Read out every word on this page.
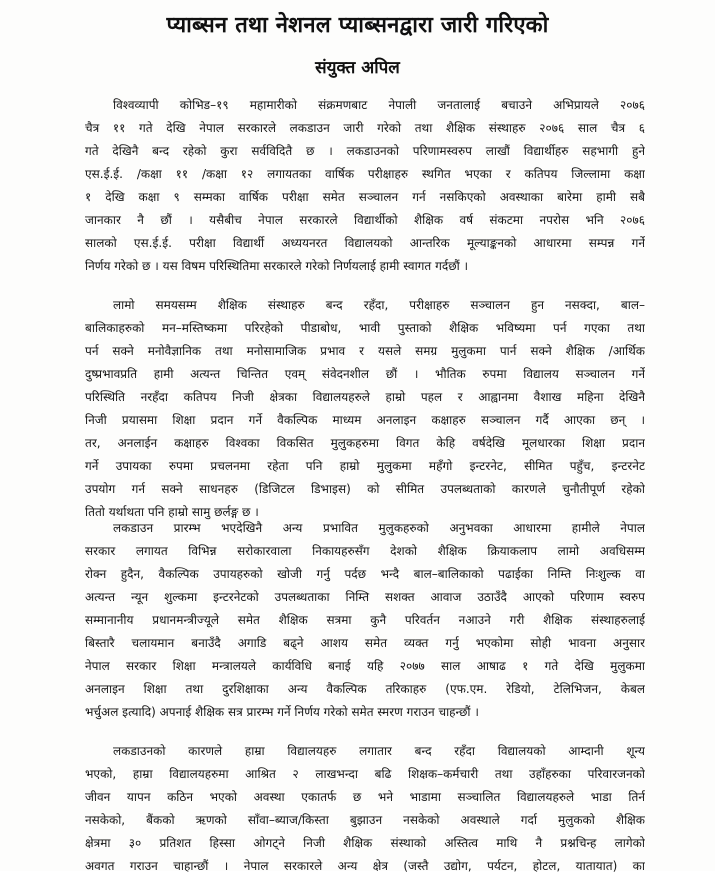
प्याब्सन तथा नेशनल प्याब्सनद्वारा जारी गरिएको
संयुक्त अपिल
विश्वव्यापी कोभिड–१९ महामारीको संक्रमणबाट नेपाली जनतालाई बचाउने अभिप्रायले २०७६
चैत्र ११ गते देखि नेपाल सरकारले लकडाउन जारी गरेको तथा शैक्षिक संस्थाहरु २०७६ साल चैत्र ६
गते देखिनै बन्द रहेको कुरा सर्वविदितै छ । लकडाउनको परिणामस्वरुप लाखौं विद्यार्थीहरु सहभागी हुने
एस.ई.ई. /कक्षा ११ /कक्षा १२ लगायतका वार्षिक परीक्षाहरु स्थगित भएका र कतिपय जिल्लामा कक्षा
१ देखि कक्षा ९ सम्मका वार्षिक परीक्षा समेत सञ्चालन गर्न नसकिएको अवस्थाका बारेमा हामी सबै
जानकार नै छौं । यसैबीच नेपाल सरकारले विद्यार्थीको शैक्षिक वर्ष संकटमा नपरोस भनि २०७६
सालको एस.ई.ई. परीक्षा विद्यार्थी अध्ययनरत विद्यालयको आन्तरिक मूल्याङ्कनको आधारमा सम्पन्न गर्ने
निर्णय गरेको छ । यस विषम परिस्थितिमा सरकारले गरेको निर्णयलाई हामी स्वागत गर्दछौं ।
लामो समयसम्म शैक्षिक संस्थाहरु बन्द रहँदा, परीक्षाहरु सञ्चालन हुन नसक्दा, बाल–
बालिकाहरुको मन–मस्तिष्कमा परिरहेको पीडाबोध, भावी पुस्ताको शैक्षिक भविष्यमा पर्न गएका तथा
पर्न सक्ने मनोवैज्ञानिक तथा मनोसामाजिक प्रभाव र यसले समग्र मुलुकमा पार्न सक्ने शैक्षिक /आर्थिक
दुष्प्रभावप्रति हामी अत्यन्त चिन्तित एवम् संवेदनशील छौं । भौतिक रुपमा विद्यालय सञ्चालन गर्ने
परिस्थिति नरहँदा कतिपय निजी क्षेत्रका विद्यालयहरुले हाम्रो पहल र आह्वानमा वैशाख महिना देखिनै
निजी प्रयासमा शिक्षा प्रदान गर्ने वैकल्पिक माध्यम अनलाइन कक्षाहरु सञ्चालन गर्दै आएका छन् ।
तर, अनलाईन कक्षाहरु विश्वका विकसित मुलुकहरुमा विगत केहि वर्षदेखि मूलधारका शिक्षा प्रदान
गर्ने उपायका रुपमा प्रचलनमा रहेता पनि हाम्रो मुलुकमा महँगो इन्टरनेट, सीमित पहुँच, इन्टरनेट
उपयोग गर्न सक्ने साधनहरु (डिजिटल डिभाइस) को सीमित उपलब्धताको कारणले चुनौतीपूर्ण रहेको
तितो यर्थाथता पनि हाम्रो सामु छर्लङ्ग छ ।
लकडाउन प्रारम्भ भएदेखिनै अन्य प्रभावित मुलुकहरुको अनुभवका आधारमा हामीले नेपाल
सरकार लगायत विभिन्न सरोकारवाला निकायहरुसँग देशको शैक्षिक क्रियाकलाप लामो अवधिसम्म
रोक्न हुदैन, वैकल्पिक उपायहरुको खोजी गर्नु पर्दछ भन्दै बाल–बालिकाको पढाईका निम्ति निःशुल्क वा
अत्यन्त न्यून शुल्कमा इन्टरनेटको उपलब्धताका निम्ति सशक्त आवाज उठाउँदै आएको परिणाम स्वरुप
सम्मानानीय प्रधानमन्त्रीज्यूले समेत शैक्षिक सत्रमा कुनै परिवर्तन नआउने गरी शैक्षिक संस्थाहरुलाई
बिस्तारै चलायमान बनाउँदै अगाडि बढ्ने आशय समेत व्यक्त गर्नु भएकोमा सोही भावना अनुसार
नेपाल सरकार शिक्षा मन्त्रालयले कार्यविधि बनाई यहि २०७७ साल आषाढ १ गते देखि मुलुकमा
अनलाइन शिक्षा तथा दुरशिक्षाका अन्य वैकल्पिक तरिकाहरु (एफ.एम. रेडियो, टेलिभिजन, केबल
भर्चुअल इत्यादि) अपनाई शैक्षिक सत्र प्रारम्भ गर्ने निर्णय गरेको समेत स्मरण गराउन चाहन्छौं ।
लकडाउनको कारणले हाम्रा विद्यालयहरु लगातार बन्द रहँदा विद्यालयको आम्दानी शून्य
भएको, हाम्रा विद्यालयहरुमा आश्रित २ लाखभन्दा बढि शिक्षक–कर्मचारी तथा उहाँहरुका परिवारजनको
जीवन यापन कठिन भएको अवस्था एकातर्फ छ भने भाडामा सञ्चालित विद्यालयहरुले भाडा तिर्न
नसकेको, बैंकको ऋणको साँवा–ब्याज/किस्ता बुझाउन नसकेको अवस्थाले गर्दा मुलुकको शैक्षिक
क्षेत्रमा ३० प्रतिशत हिस्सा ओगट्ने निजी शैक्षिक संस्थाको अस्तित्व माथि नै प्रश्नचिन्ह लागेको
अवगत गराउन चाहान्छौं । नेपाल सरकारले अन्य क्षेत्र (जस्तै उद्योग, पर्यटन, होटल, यातायात) का
